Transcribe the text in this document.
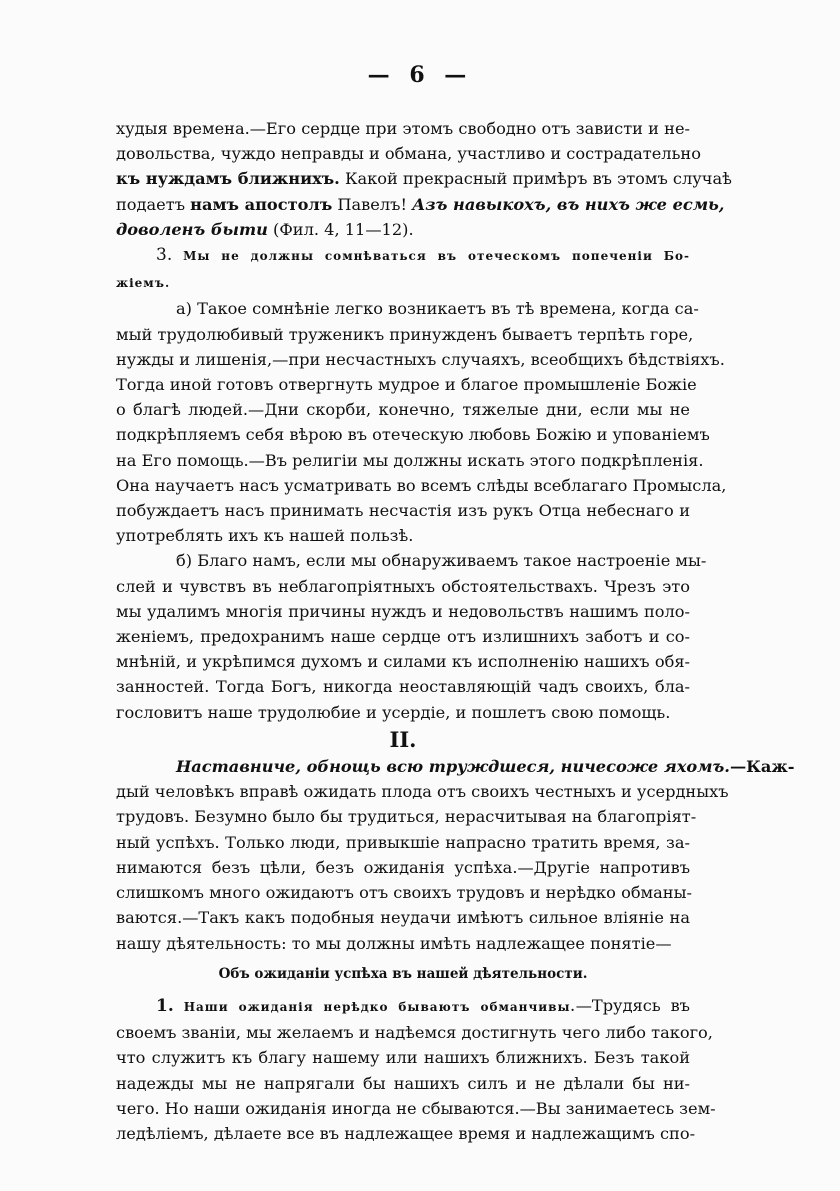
— 6 —
худыя времена.—Его сердце при этомъ свободно отъ зависти и не-
довольства, чуждо неправды и обмана, участливо и сострадательно
къ нуждамъ ближнихъ. Какой прекрасный примѣръ въ этомъ случаѣ
подаетъ намъ апостолъ Павелъ! Азъ навыкохъ, въ нихъ же есмь,
доволенъ быти (Фил. 4, 11—12).
3. Мы не должны сомнѣваться въ отеческомъ попеченіи Бо-
жіемъ.
а) Такое сомнѣніе легко возникаетъ въ тѣ времена, когда са-
мый трудолюбивый труженикъ принужденъ бываетъ терпѣть горе,
нужды и лишенія,—при несчастныхъ случаяхъ, всеобщихъ бѣдствіяхъ.
Тогда иной готовъ отвергнуть мудрое и благое промышленіе Божіе
о благѣ людей.—Дни скорби, конечно, тяжелые дни, если мы не
подкрѣпляемъ себя вѣрою въ отеческую любовь Божію и упованіемъ
на Его помощь.—Въ религіи мы должны искать этого подкрѣпленія.
Она научаетъ насъ усматривать во всемъ слѣды всеблагаго Промысла,
побуждаетъ насъ принимать несчастія изъ рукъ Отца небеснаго и
употреблять ихъ къ нашей пользѣ.
б) Благо намъ, если мы обнаруживаемъ такое настроеніе мы-
слей и чувствъ въ неблагопріятныхъ обстоятельствахъ. Чрезъ это
мы удалимъ многія причины нуждъ и недовольствъ нашимъ поло-
женіемъ, предохранимъ наше сердце отъ излишнихъ заботъ и со-
мнѣній, и укрѣпимся духомъ и силами къ исполненію нашихъ обя-
занностей. Тогда Богъ, никогда неоставляющій чадъ своихъ, бла-
гословитъ наше трудолюбие и усердіе, и пошлетъ свою помощь.
II.
Наставниче, обнощь всю труждшеся, ничесоже яхомъ.—Каж-
дый человѣкъ вправѣ ожидать плода отъ своихъ честныхъ и усердныхъ
трудовъ. Безумно было бы трудиться, нерасчитывая на благопріят-
ный успѣхъ. Только люди, привыкшіе напрасно тратить время, за-
нимаются безъ цѣли, безъ ожиданія успѣха.—Другіе напротивъ
слишкомъ много ожидаютъ отъ своихъ трудовъ и нерѣдко обманы-
ваются.—Такъ какъ подобныя неудачи имѣютъ сильное вліяніе на
нашу дѣятельность: то мы должны имѣть надлежащее понятіе—
Объ ожиданіи успѣха въ нашей дѣятельности.
1. Наши ожиданія нерѣдко бываютъ обманчивы.—Трудясь въ
своемъ званіи, мы желаемъ и надѣемся достигнуть чего либо такого,
что служитъ къ благу нашему или нашихъ ближнихъ. Безъ такой
надежды мы не напрягали бы нашихъ силъ и не дѣлали бы ни-
чего. Но наши ожиданія иногда не сбываются.—Вы занимаетесь зем-
ледѣліемъ, дѣлаете все въ надлежащее время и надлежащимъ спо-
